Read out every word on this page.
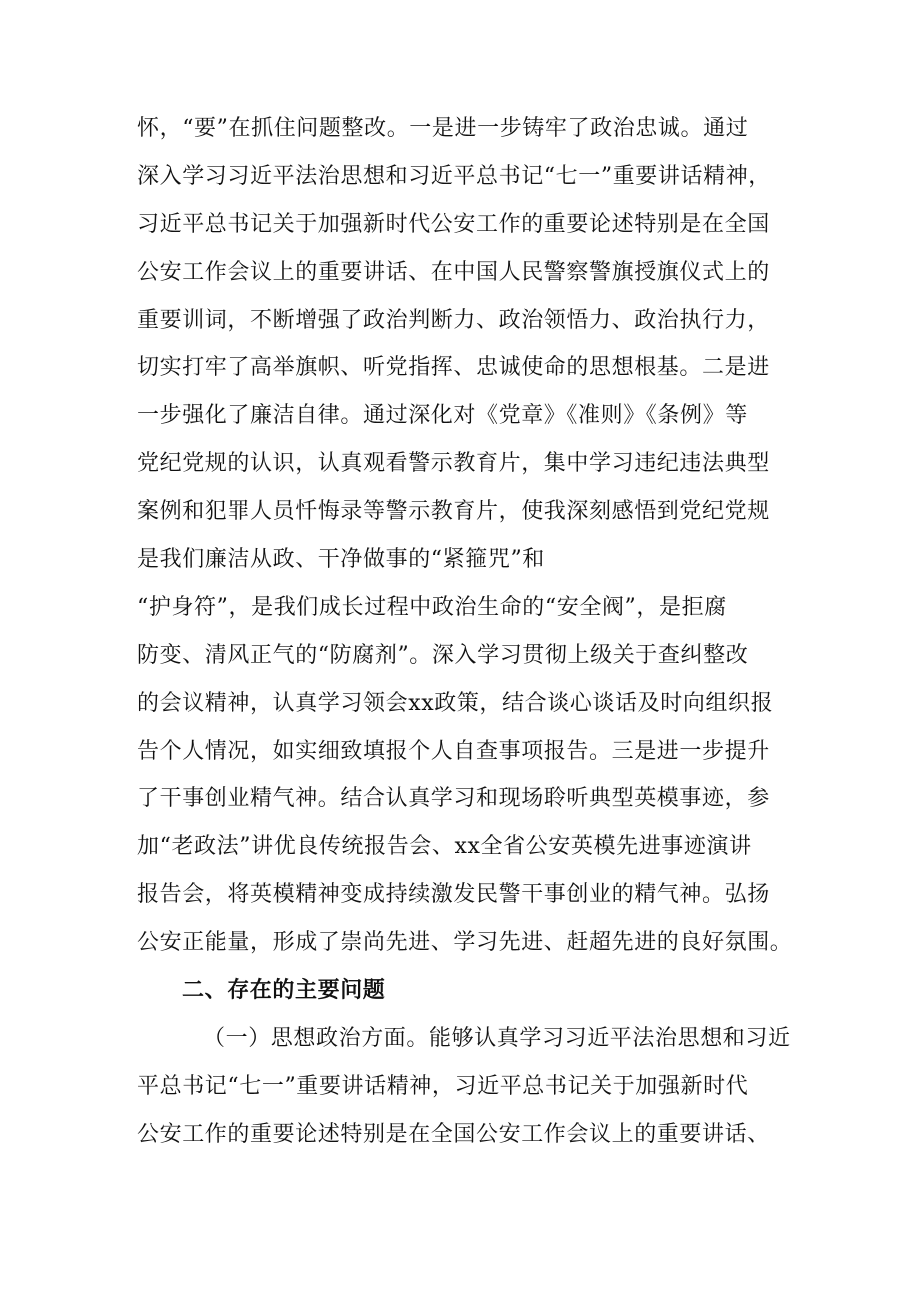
怀，“要”在抓住问题整改。一是进一步铸牢了政治忠诚。通过
深入学习习近平法治思想和习近平总书记“七一”重要讲话精神，
习近平总书记关于加强新时代公安工作的重要论述特别是在全国
公安工作会议上的重要讲话、在中国人民警察警旗授旗仪式上的
重要训词，不断增强了政治判断力、政治领悟力、政治执行力，
切实打牢了高举旗帜、听党指挥、忠诚使命的思想根基。二是进
一步强化了廉洁自律。通过深化对《党章》《准则》《条例》等
党纪党规的认识，认真观看警示教育片，集中学习违纪违法典型
案例和犯罪人员忏悔录等警示教育片，使我深刻感悟到党纪党规
是我们廉洁从政、干净做事的“紧箍咒”和
“护身符”，是我们成长过程中政治生命的“安全阀”，是拒腐
防变、清风正气的“防腐剂”。深入学习贯彻上级关于查纠整改
的会议精神，认真学习领会xx政策，结合谈心谈话及时向组织报
告个人情况，如实细致填报个人自查事项报告。三是进一步提升
了干事创业精气神。结合认真学习和现场聆听典型英模事迹，参
加“老政法”讲优良传统报告会、xx全省公安英模先进事迹演讲
报告会，将英模精神变成持续激发民警干事创业的精气神。弘扬
公安正能量，形成了崇尚先进、学习先进、赶超先进的良好氛围。
二、存在的主要问题
（一）思想政治方面。能够认真学习习近平法治思想和习近
平总书记“七一”重要讲话精神，习近平总书记关于加强新时代
公安工作的重要论述特别是在全国公安工作会议上的重要讲话、
